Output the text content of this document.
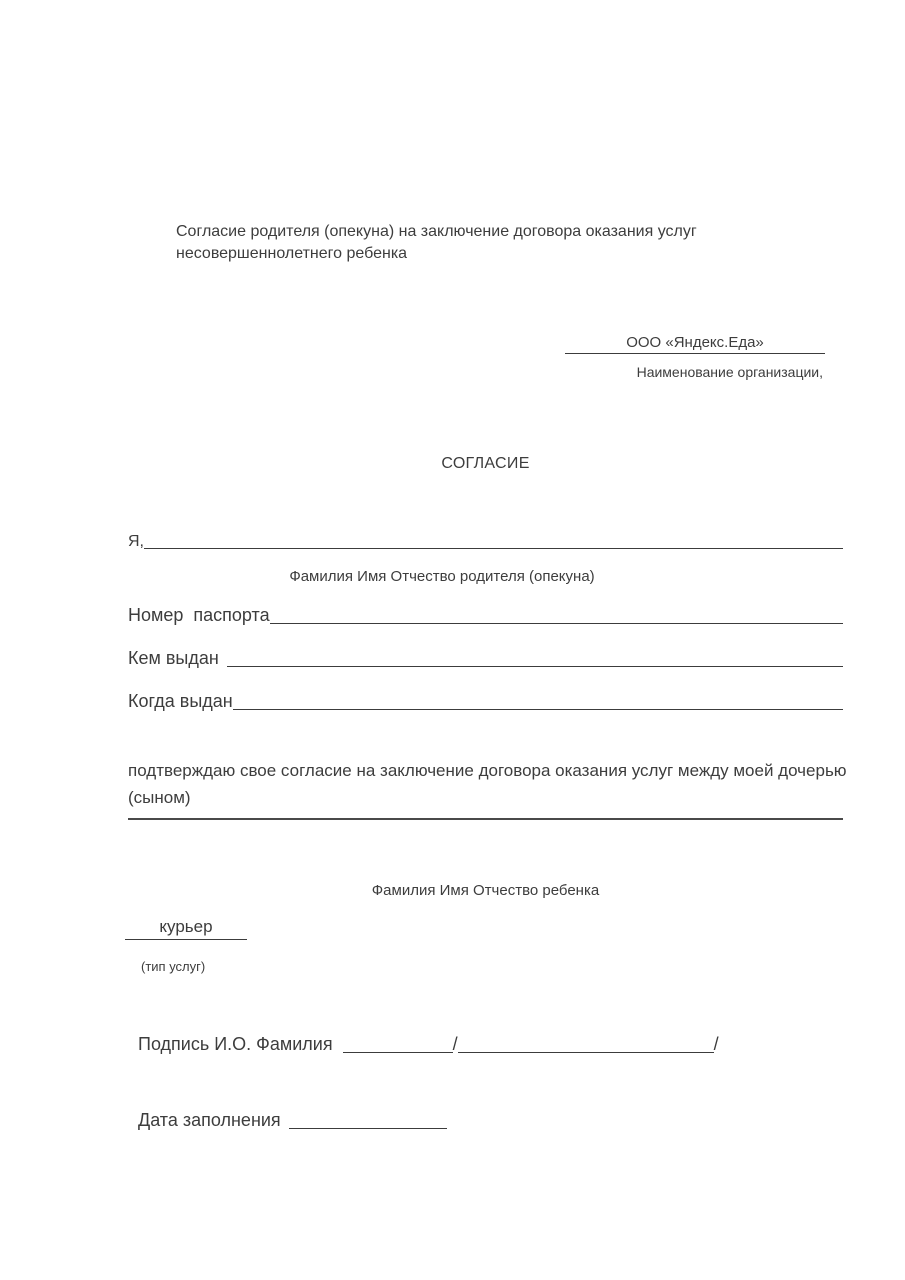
Согласие родителя (опекуна) на заключение договора оказания услуг
несовершеннолетнего ребенка
ООО «Яндекс.Еда»
Наименование организации,
СОГЛАСИЕ
Я,
Фамилия Имя Отчество родителя (опекуна)
Номер  паспорта
Кем выдан
Когда выдан
подтверждаю свое согласие на заключение договора оказания услуг между моей дочерью
(сыном)
Фамилия Имя Отчество ребенка
курьер
(тип услуг)
Подпись И.О. Фамилия	/	/
Дата заполнения
